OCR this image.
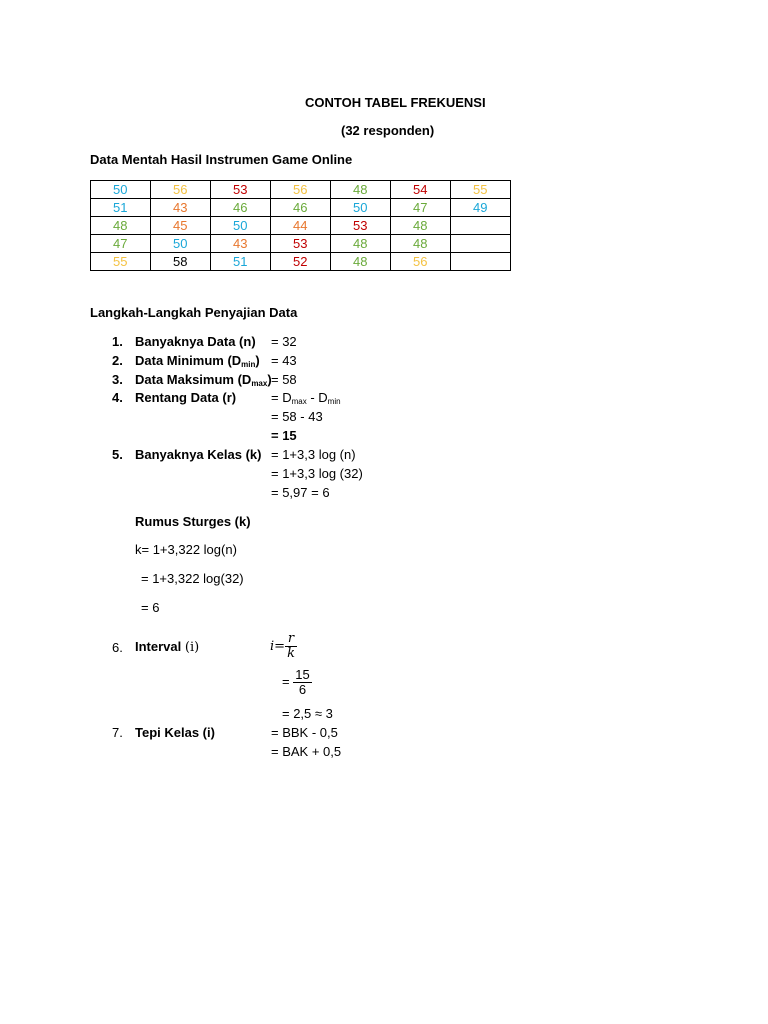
CONTOH TABEL FREKUENSI
(32 responden)
Data Mentah Hasil Instrumen Game Online
50	56	53	56	48	54	55
51	43	46	46	50	47	49
48	45	50	44	53	48	
47	50	43	53	48	48	
55	58	51	52	48	56	
Langkah-Langkah Penyajian Data
1. Banyaknya Data (n) = 32
2. Data Minimum $(D_{min}) = 43$
3. Data Maksimum $(D_{max}) = 58$
4. Rentang Data (r)	= $D_{max} - D_{min}$
= 58 - 43
= 15
5. Banyaknya Kelas (k) = 1+3,3 log (n)
= 1+3,3 log (32)
= 5,97 = 6
Rumus Sturges (k)
k= 1+3,322 log(n)
= 1+3,322 log(32)
= 6
6. Interval (i)	$i= \frac{r}{k}$
= $\frac{15}{6}$
= 2,5 ≈ 3
7. Tepi Kelas (i)	= BBK - 0,5
= BAK + 0,5
